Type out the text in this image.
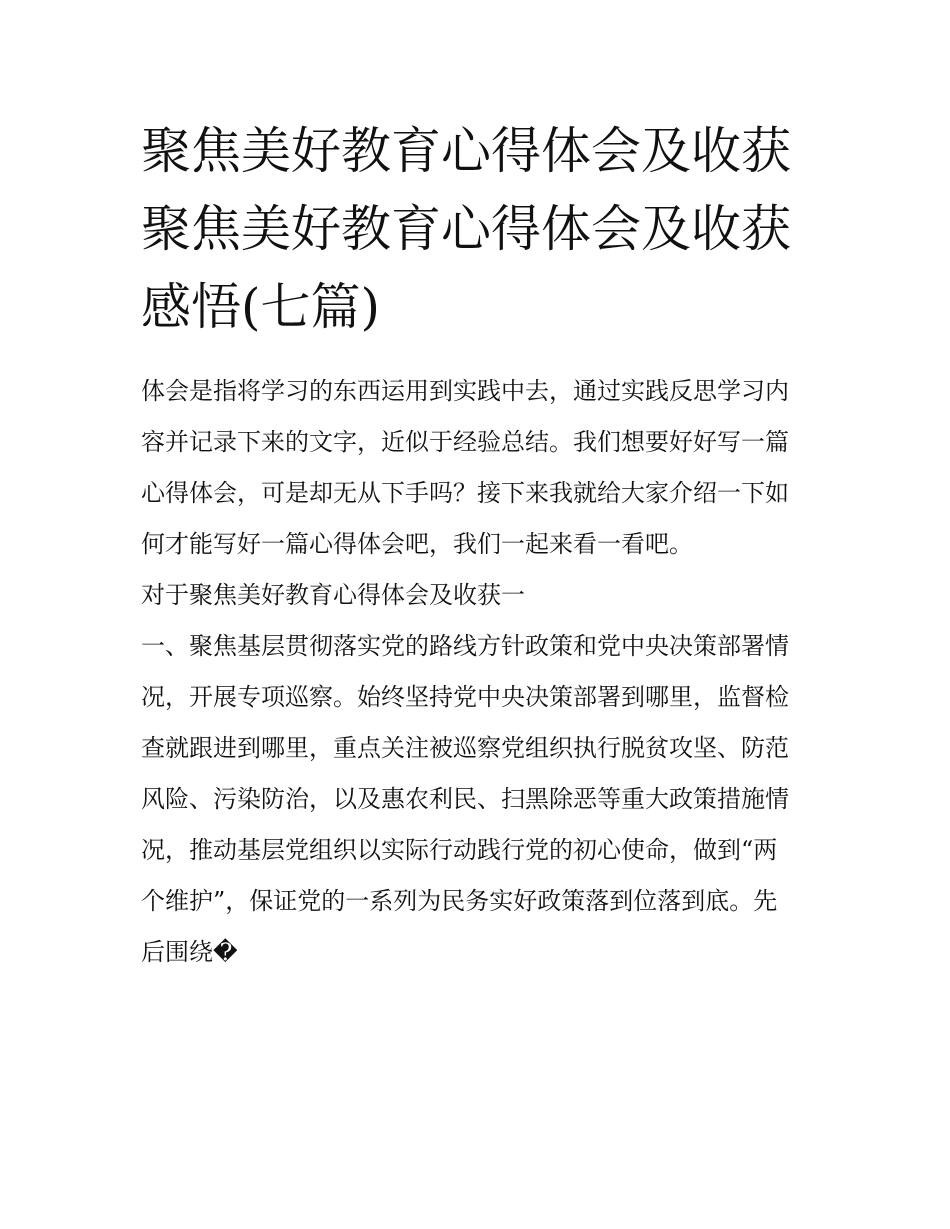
聚焦美好教育心得体会及收获
聚焦美好教育心得体会及收获
感悟(七篇)

体会是指将学习的东西运用到实践中去，通过实践反思学习内
容并记录下来的文字，近似于经验总结。我们想要好好写一篇
心得体会，可是却无从下手吗？接下来我就给大家介绍一下如
何才能写好一篇心得体会吧，我们一起来看一看吧。

对于聚焦美好教育心得体会及收获一

一、聚焦基层贯彻落实党的路线方针政策和党中央决策部署情
况，开展专项巡察。始终坚持党中央决策部署到哪里，监督检
查就跟进到哪里，重点关注被巡察党组织执行脱贫攻坚、防范
风险、污染防治，以及惠农利民、扫黑除恶等重大政策措施情
况，推动基层党组织以实际行动践行党的初心使命，做到“两
个维护”，保证党的一系列为民务实好政策落到位落到底。先
后围绕�
